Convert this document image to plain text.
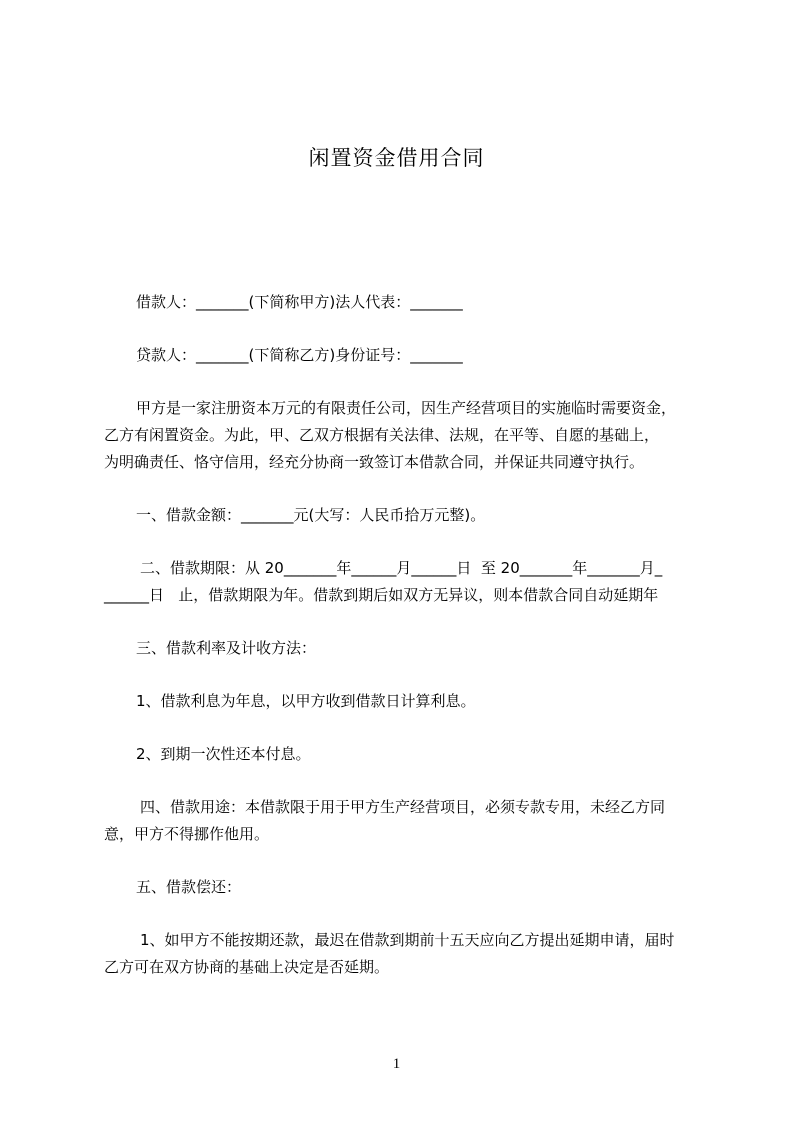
闲置资金借用合同
借款人：_______(下简称甲方)法人代表：_______
贷款人：_______(下简称乙方)身份证号：_______
甲方是一家注册资本万元的有限责任公司，因生产经营项目的实施临时需要资金，
乙方有闲置资金。为此，甲、乙双方根据有关法律、法规，在平等、自愿的基础上，
为明确责任、恪守信用，经充分协商一致签订本借款合同，并保证共同遵守执行。
一、借款金额：_______元(大写：人民币拾万元整)。
二、借款期限：从 20_______年______月______日  至 20_______年_______月_
______日   止，借款期限为年。借款到期后如双方无异议，则本借款合同自动延期年
三、借款利率及计收方法：
1、借款利息为年息，以甲方收到借款日计算利息。
2、到期一次性还本付息。
四、借款用途：本借款限于用于甲方生产经营项目，必须专款专用，未经乙方同
意，甲方不得挪作他用。
五、借款偿还：
1、如甲方不能按期还款，最迟在借款到期前十五天应向乙方提出延期申请，届时
乙方可在双方协商的基础上决定是否延期。
1
